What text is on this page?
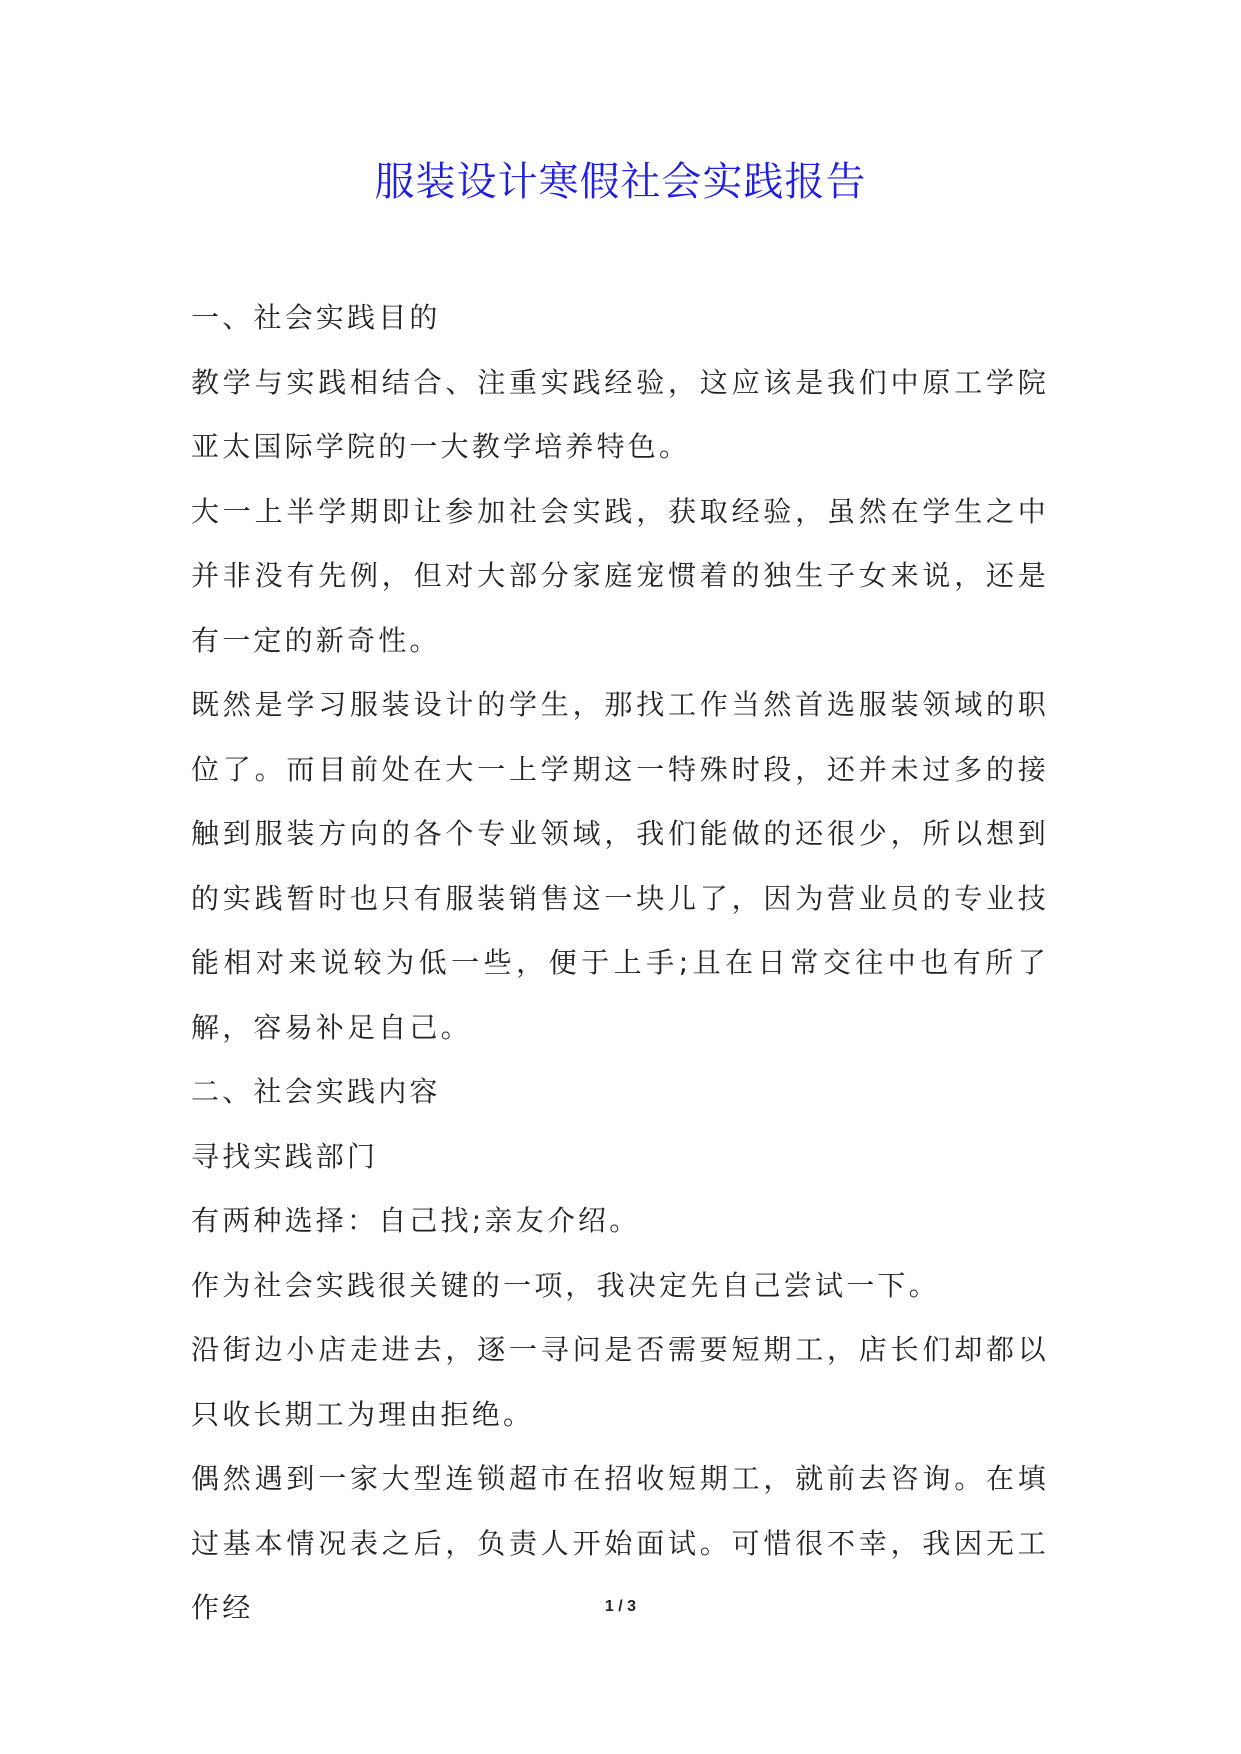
服装设计寒假社会实践报告

一、社会实践目的

教学与实践相结合、注重实践经验，这应该是我们中原工学院亚太国际学院的一大教学培养特色。

大一上半学期即让参加社会实践，获取经验，虽然在学生之中并非没有先例，但对大部分家庭宠惯着的独生子女来说，还是有一定的新奇性。

既然是学习服装设计的学生，那找工作当然首选服装领域的职位了。而目前处在大一上学期这一特殊时段，还并未过多的接触到服装方向的各个专业领域，我们能做的还很少，所以想到的实践暂时也只有服装销售这一块儿了，因为营业员的专业技能相对来说较为低一些，便于上手;且在日常交往中也有所了解，容易补足自己。

二、社会实践内容

寻找实践部门

有两种选择：自己找;亲友介绍。

作为社会实践很关键的一项，我决定先自己尝试一下。

沿街边小店走进去，逐一寻问是否需要短期工，店长们却都以只收长期工为理由拒绝。

偶然遇到一家大型连锁超市在招收短期工，就前去咨询。在填过基本情况表之后，负责人开始面试。可惜很不幸，我因无工作经	1 / 3
